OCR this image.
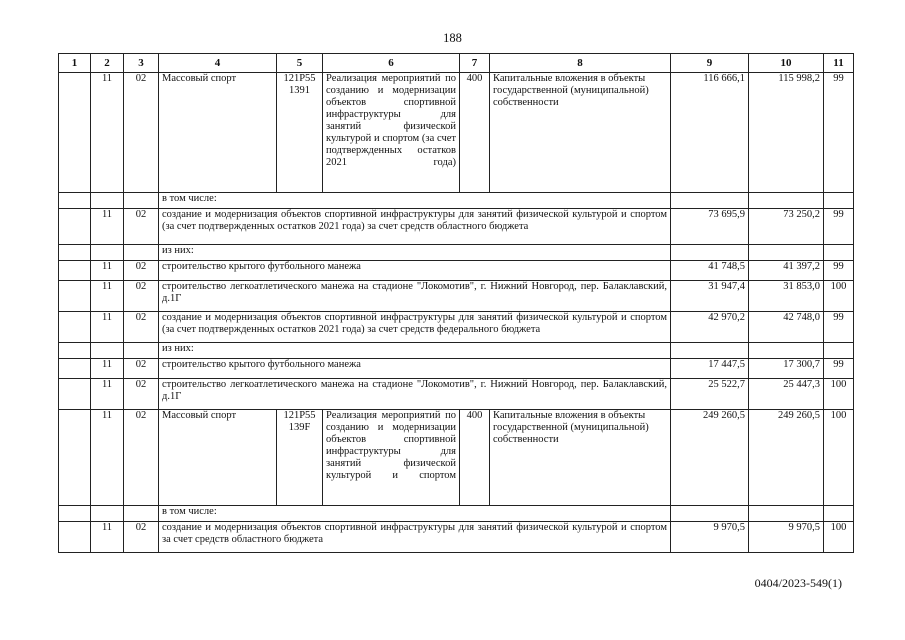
188
1	2	3	4	5	6	7	8	9	10	11
	11	02	Массовый спорт	121Р55 1391	Реализация мероприятий по созданию и модернизации объектов спортивной инфраструктуры для занятий физической культурой и спортом (за счет подтвержденных остатков 2021 года)	400	Капитальные вложения в объекты государственной (муниципальной) собственности	116 666,1	115 998,2	99
			в том числе:							
	11	02	создание и модернизация объектов спортивной инфраструктуры для занятий физической культурой и спортом (за счет подтвержденных остатков 2021 года) за счет средств областного бюджета					73 695,9	73 250,2	99
			из них:							
	11	02	строительство крытого футбольного манежа					41 748,5	41 397,2	99
	11	02	строительство легкоатлетического манежа на стадионе "Локомотив", г. Нижний Новгород, пер. Балаклавский, д.1Г					31 947,4	31 853,0	100
	11	02	создание и модернизация объектов спортивной инфраструктуры для занятий физической культурой и спортом (за счет подтвержденных остатков 2021 года) за счет средств федерального бюджета					42 970,2	42 748,0	99
			из них:							
	11	02	строительство крытого футбольного манежа					17 447,5	17 300,7	99
	11	02	строительство легкоатлетического манежа на стадионе "Локомотив", г. Нижний Новгород, пер. Балаклавский, д.1Г					25 522,7	25 447,3	100
	11	02	Массовый спорт	121Р55 139F	Реализация мероприятий по созданию и модернизации объектов спортивной инфраструктуры для занятий физической культурой и спортом	400	Капитальные вложения в объекты государственной (муниципальной) собственности	249 260,5	249 260,5	100
			в том числе:							
	11	02	создание и модернизация объектов спортивной инфраструктуры для занятий физической культурой и спортом за счет средств областного бюджета					9 970,5	9 970,5	100
0404/2023-549(1)
